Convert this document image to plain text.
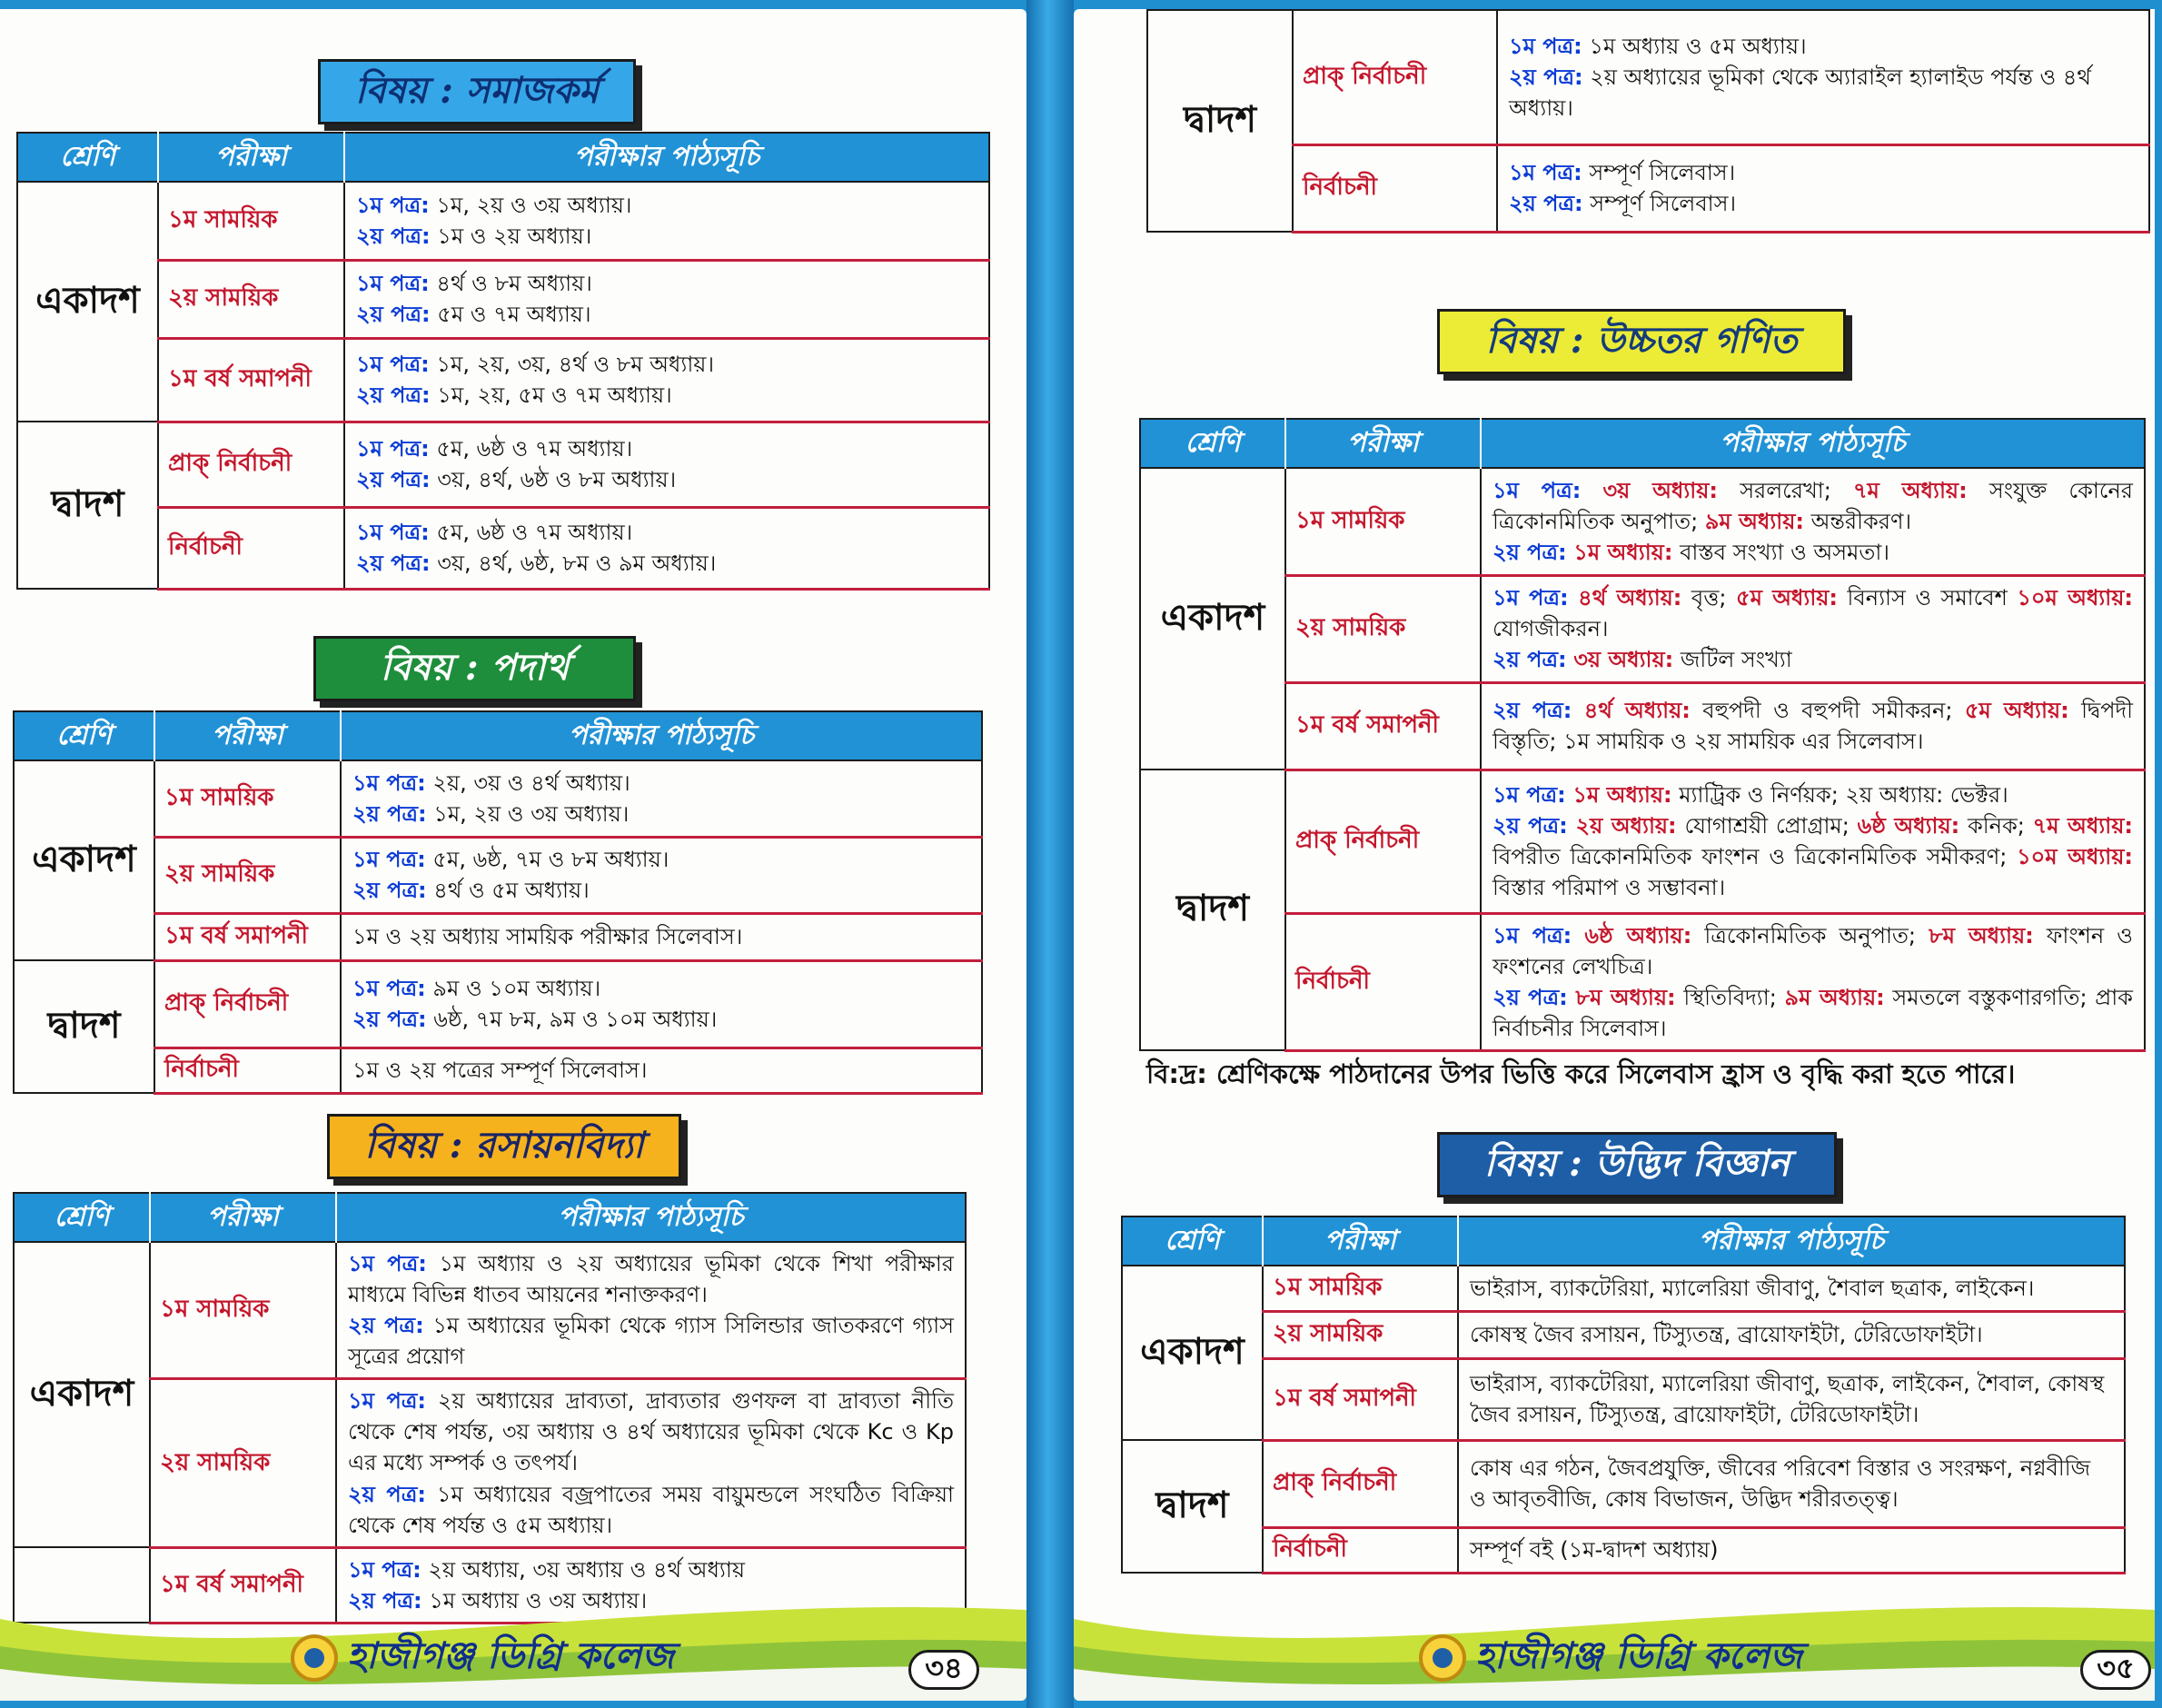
বিষয় : সমাজকর্ম
শ্রেণি	পরীক্ষা	পরীক্ষার পাঠ্যসূচি
একাদশ	১ম সাময়িক	১ম পত্র: ১ম, ২য় ও ৩য় অধ্যায়।
২য় পত্র: ১ম ও ২য় অধ্যায়।
	২য় সাময়িক	১ম পত্র: ৪র্থ ও ৮ম অধ্যায়।
২য় পত্র: ৫ম ও ৭ম অধ্যায়।
	১ম বর্ষ সমাপনী	১ম পত্র: ১ম, ২য়, ৩য়, ৪র্থ ও ৮ম অধ্যায়।
২য় পত্র: ১ম, ২য়, ৫ম ও ৭ম অধ্যায়।
দ্বাদশ	প্রাক্ নির্বাচনী	১ম পত্র: ৫ম, ৬ষ্ঠ ও ৭ম অধ্যায়।
২য় পত্র: ৩য়, ৪র্থ, ৬ষ্ঠ ও ৮ম অধ্যায়।
	নির্বাচনী	১ম পত্র: ৫ম, ৬ষ্ঠ ও ৭ম অধ্যায়।
২য় পত্র: ৩য়, ৪র্থ, ৬ষ্ঠ, ৮ম ও ৯ম অধ্যায়।
বিষয় : পদার্থ
শ্রেণি	পরীক্ষা	পরীক্ষার পাঠ্যসূচি
একাদশ	১ম সাময়িক	১ম পত্র: ২য়, ৩য় ও ৪র্থ অধ্যায়।
২য় পত্র: ১ম, ২য় ও ৩য় অধ্যায়।
	২য় সাময়িক	১ম পত্র: ৫ম, ৬ষ্ঠ, ৭ম ও ৮ম অধ্যায়।
২য় পত্র: ৪র্থ ও ৫ম অধ্যায়।
	১ম বর্ষ সমাপনী	১ম ও ২য় অধ্যায় সাময়িক পরীক্ষার সিলেবাস।
দ্বাদশ	প্রাক্ নির্বাচনী	১ম পত্র: ৯ম ও ১০ম অধ্যায়।
২য় পত্র: ৬ষ্ঠ, ৭ম ৮ম, ৯ম ও ১০ম অধ্যায়।
	নির্বাচনী	১ম ও ২য় পত্রের সম্পূর্ণ সিলেবাস।
বিষয় : রসায়নবিদ্যা
শ্রেণি	পরীক্ষা	পরীক্ষার পাঠ্যসূচি
একাদশ	১ম সাময়িক	১ম পত্র: ১ম অধ্যায় ও ২য় অধ্যায়ের ভূমিকা থেকে শিখা পরীক্ষার মাধ্যমে বিভিন্ন ধাতব আয়নের শনাক্তকরণ।
২য় পত্র: ১ম অধ্যায়ের ভূমিকা থেকে গ্যাস সিলিন্ডার জাতকরণে গ্যাস সূত্রের প্রয়োগ
	২য় সাময়িক	১ম পত্র: ২য় অধ্যায়ের দ্রাব্যতা, দ্রাব্যতার গুণফল বা দ্রাব্যতা নীতি থেকে শেষ পর্যন্ত, ৩য় অধ্যায় ও ৪র্থ অধ্যায়ের ভূমিকা থেকে Kc ও Kp এর মধ্যে সম্পর্ক ও তৎপর্য।
২য় পত্র: ১ম অধ্যায়ের বজ্রপাতের সময় বায়ুমন্ডলে সংঘঠিত বিক্রিয়া থেকে শেষ পর্যন্ত ও ৫ম অধ্যায়।
	১ম বর্ষ সমাপনী	১ম পত্র: ২য় অধ্যায়, ৩য় অধ্যায় ও ৪র্থ অধ্যায়
২য় পত্র: ১ম অধ্যায় ও ৩য় অধ্যায়।
হাজীগঞ্জ ডিগ্রি কলেজ	৩৪
দ্বাদশ	প্রাক্ নির্বাচনী	১ম পত্র: ১ম অধ্যায় ও ৫ম অধ্যায়।
২য় পত্র: ২য় অধ্যায়ের ভূমিকা থেকে অ্যারাইল হ্যালাইড পর্যন্ত ও ৪র্থ অধ্যায়।
	নির্বাচনী	১ম পত্র: সম্পূর্ণ সিলেবাস।
২য় পত্র: সম্পূর্ণ সিলেবাস।
বিষয় : উচ্চতর গণিত
শ্রেণি	পরীক্ষা	পরীক্ষার পাঠ্যসূচি
একাদশ	১ম সাময়িক	১ম পত্র: ৩য় অধ্যায়: সরলরেখা; ৭ম অধ্যায়: সংযুক্ত কোনের ত্রিকোনমিতিক অনুপাত; ৯ম অধ্যায়: অন্তরীকরণ।
২য় পত্র: ১ম অধ্যায়: বাস্তব সংখ্যা ও অসমতা।
	২য় সাময়িক	১ম পত্র: ৪র্থ অধ্যায়: বৃত্ত; ৫ম অধ্যায়: বিন্যাস ও সমাবেশ ১০ম অধ্যায়: যোগজীকরন।
২য় পত্র: ৩য় অধ্যায়: জটিল সংখ্যা
	১ম বর্ষ সমাপনী	২য় পত্র: ৪র্থ অধ্যায়: বহুপদী ও বহুপদী সমীকরন; ৫ম অধ্যায়: দ্বিপদী বিস্তৃতি; ১ম সাময়িক ও ২য় সাময়িক এর সিলেবাস।
দ্বাদশ	প্রাক্ নির্বাচনী	১ম পত্র: ১ম অধ্যায়: ম্যাট্রিক ও নির্ণয়ক; ২য় অধ্যায়: ভেক্টর।
২য় পত্র: ২য় অধ্যায়: যোগাশ্রয়ী প্রোগ্রাম; ৬ষ্ঠ অধ্যায়: কনিক; ৭ম অধ্যায়: বিপরীত ত্রিকোনমিতিক ফাংশন ও ত্রিকোনমিতিক সমীকরণ; ১০ম অধ্যায়: বিস্তার পরিমাপ ও সম্ভাবনা।
	নির্বাচনী	১ম পত্র: ৬ষ্ঠ অধ্যায়: ত্রিকোনমিতিক অনুপাত; ৮ম অধ্যায়: ফাংশন ও ফংশনের লেখচিত্র।
২য় পত্র: ৮ম অধ্যায়: স্থিতিবিদ্যা; ৯ম অধ্যায়: সমতলে বস্তুকণারগতি; প্রাক নির্বাচনীর সিলেবাস।
বি:দ্র: শ্রেণিকক্ষে পাঠদানের উপর ভিত্তি করে সিলেবাস হ্রাস ও বৃদ্ধি করা হতে পারে।
বিষয় : উদ্ভিদ বিজ্ঞান
শ্রেণি	পরীক্ষা	পরীক্ষার পাঠ্যসূচি
একাদশ	১ম সাময়িক	ভাইরাস, ব্যাকটেরিয়া, ম্যালেরিয়া জীবাণু, শৈবাল ছত্রাক, লাইকেন।
	২য় সাময়িক	কোষস্থ জৈব রসায়ন, টিস্যুতন্ত্র, ব্রায়োফাইটা, টেরিডোফাইটা।
	১ম বর্ষ সমাপনী	ভাইরাস, ব্যাকটেরিয়া, ম্যালেরিয়া জীবাণু, ছত্রাক, লাইকেন, শৈবাল, কোষস্থ জৈব রসায়ন, টিস্যুতন্ত্র, ব্রায়োফাইটা, টেরিডোফাইটা।
দ্বাদশ	প্রাক্ নির্বাচনী	কোষ এর গঠন, জৈবপ্রযুক্তি, জীবের পরিবেশ বিস্তার ও সংরক্ষণ, নগ্নবীজি ও আবৃতবীজি, কোষ বিভাজন, উদ্ভিদ শরীরতত্ত্ব।
	নির্বাচনী	সম্পূর্ণ বই (১ম-দ্বাদশ অধ্যায়)
হাজীগঞ্জ ডিগ্রি কলেজ	৩৫
